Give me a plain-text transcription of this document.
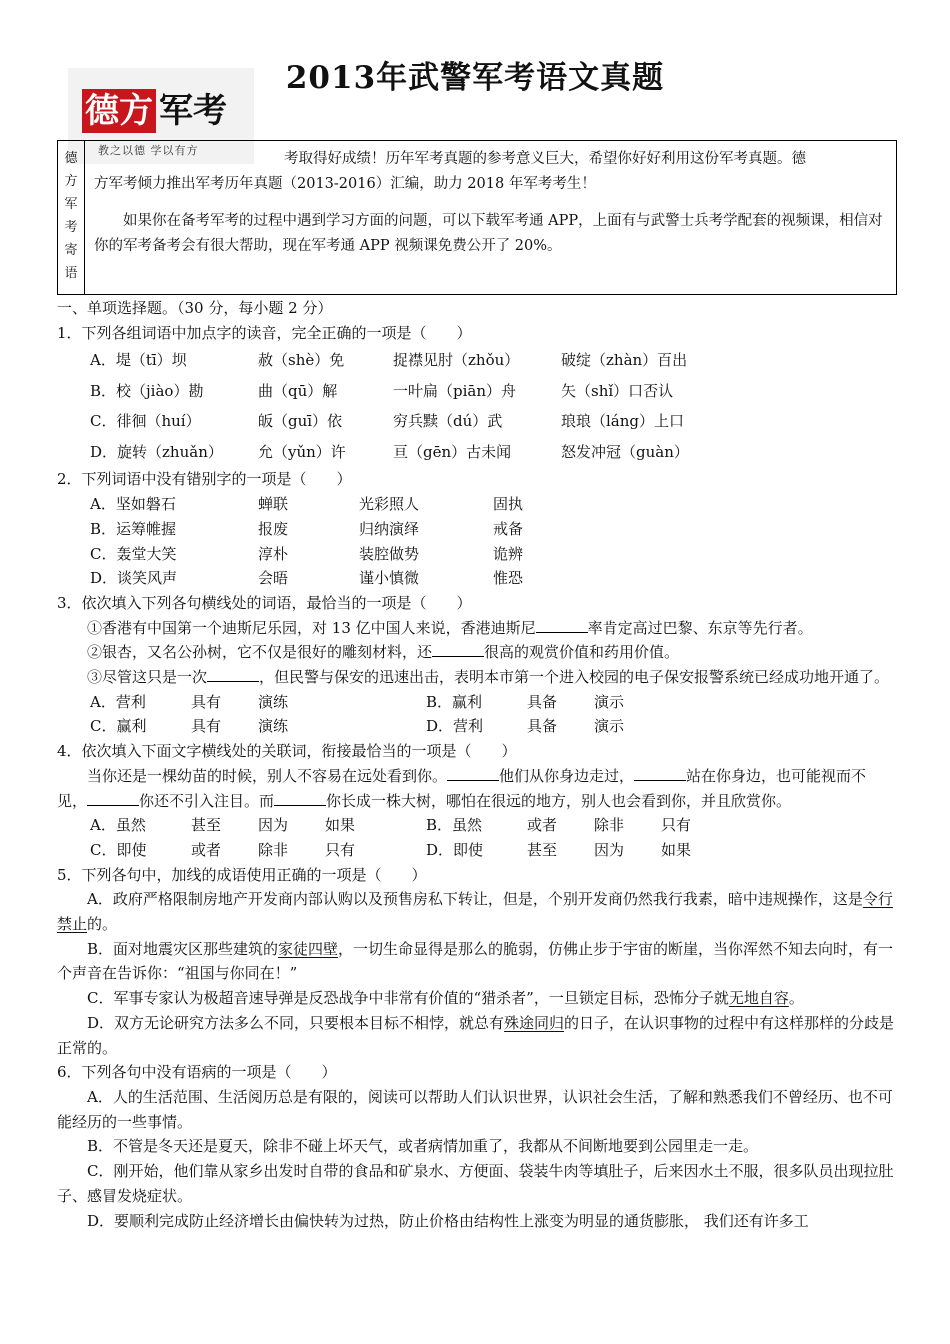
2013年武警军考语文真题
德方 军考
教之以德 学以有方
德
方
军
考
寄
语

考取得好成绩！历年军考真题的参考意义巨大，希望你好好利用这份军考真题。德

方军考倾力推出军考历年真题（2013-2016）汇编，助力 2018 年军考考生！

如果你在备考军考的过程中遇到学习方面的问题，可以下载军考通 APP，上面有与武警士兵考学配套的视频课，相信对你的军考备考会有很大帮助，现在军考通 APP 视频课免费公开了 20%。

一、单项选择题。（30 分，每小题 2 分）
1．下列各组词语中加点字的读音，完全正确的一项是（　　）
A．堤（tī）坝	赦（shè）免	捉襟见肘（zhǒu）	破绽（zhàn）百出
B．校（jiào）勘	曲（qū）解	一叶扁（piān）舟	矢（shǐ）口否认
C．徘徊（huí）	皈（guī）依	穷兵黩（dú）武	琅琅（láng）上口
D．旋转（zhuǎn）	允（yǔn）许	亘（gēn）古未闻	怒发冲冠（guàn）
2．下列词语中没有错别字的一项是（　　）
A．坚如磐石	蝉联	光彩照人	固执
B．运筹帷握	报废	归纳演绎	戒备
C．轰堂大笑	淳朴	装腔做势	诡辨
D．谈笑风声	会晤	谨小慎微	惟恐
3．依次填入下列各句横线处的词语，最恰当的一项是（　　）
①香港有中国第一个迪斯尼乐园，对 13 亿中国人来说，香港迪斯尼	率肯定高过巴黎、东京等先行者。
②银杏，又名公孙树，它不仅是很好的雕刻材料，还	很高的观赏价值和药用价值。
③尽管这只是一次	，但民警与保安的迅速出击，表明本市第一个进入校园的电子保安报警系统已经成功地开通了。
A．营利	具有	演练	B．赢利	具备	演示
C．赢利	具有	演练	D．营利	具备	演示
4．依次填入下面文字横线处的关联词，衔接最恰当的一项是（　　）
当你还是一棵幼苗的时候，别人不容易在远处看到你。	他们从你身边走过，	站在你身边，也可能视而不见，	你还不引入注目。而	你长成一株大树，哪怕在很远的地方，别人也会看到你，并且欣赏你。
A．虽然	甚至	因为	如果	B．虽然	或者	除非	只有
C．即使	或者	除非	只有	D．即使	甚至	因为	如果
5．下列各句中，加线的成语使用正确的一项是（　　）
A．政府严格限制房地产开发商内部认购以及预售房私下转让，但是，个别开发商仍然我行我素，暗中违规操作，这是令行禁止的。
B．面对地震灾区那些建筑的家徒四壁，一切生命显得是那么的脆弱，仿佛止步于宇宙的断崖，当你浑然不知去向时，有一个声音在告诉你：“祖国与你同在！”
C．军事专家认为极超音速导弹是反恐战争中非常有价值的“猎杀者”，一旦锁定目标，恐怖分子就无地自容。
D．双方无论研究方法多么不同，只要根本目标不相悖，就总有殊途同归的日子，在认识事物的过程中有这样那样的分歧是正常的。
6．下列各句中没有语病的一项是（　　）
A．人的生活范围、生活阅历总是有限的，阅读可以帮助人们认识世界，认识社会生活，了解和熟悉我们不曾经历、也不可能经历的一些事情。
B．不管是冬天还是夏天，除非不碰上坏天气，或者病情加重了，我都从不间断地要到公园里走一走。
C．刚开始，他们靠从家乡出发时自带的食品和矿泉水、方便面、袋装牛肉等填肚子，后来因水土不服，很多队员出现拉肚子、感冒发烧症状。
D．要顺利完成防止经济增长由偏快转为过热，防止价格由结构性上涨变为明显的通货膨胀， 我们还有许多工
